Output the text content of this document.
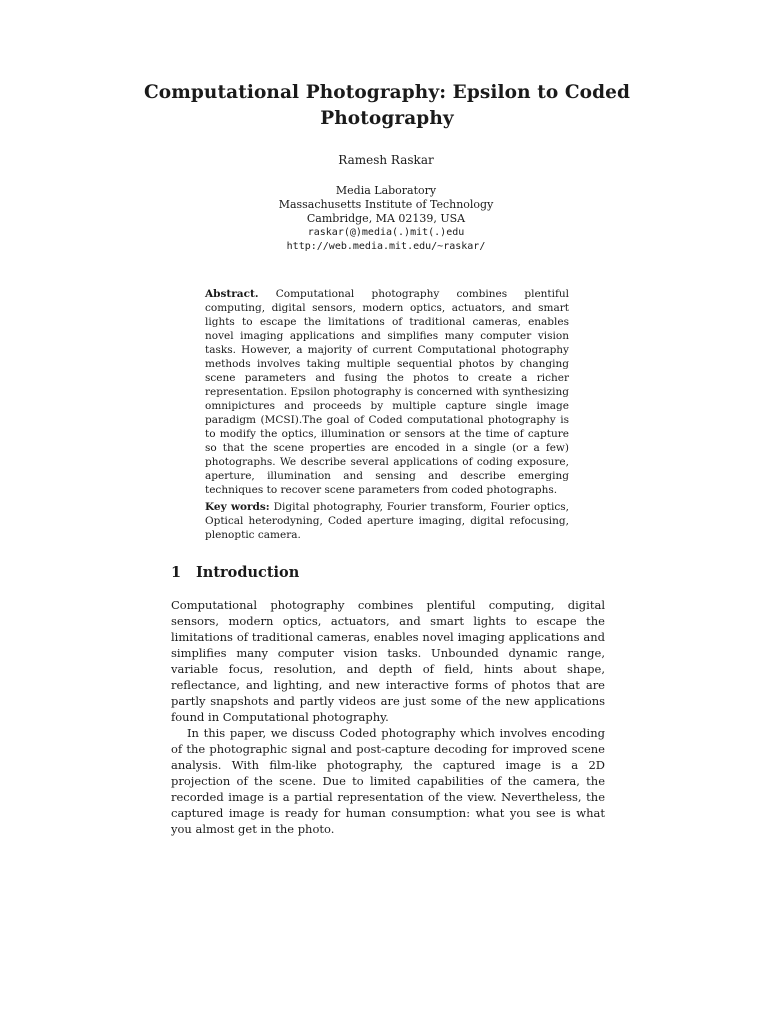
Computational Photography: Epsilon to Coded Photography
Ramesh Raskar
Media Laboratory
Massachusetts Institute of Technology
Cambridge, MA 02139, USA
raskar(@)media(.)mit(.)edu
http://web.media.mit.edu/~raskar/
Abstract. Computational photography combines plentiful computing, digital sensors, modern optics, actuators, and smart lights to escape the limitations of traditional cameras, enables novel imaging applications and simplifies many computer vision tasks. However, a majority of current Computational photography methods involves taking multiple sequential photos by changing scene parameters and fusing the photos to create a richer representation. Epsilon photography is concerned with synthesizing omnipictures and proceeds by multiple capture single image paradigm (MCSI).The goal of Coded computational photography is to modify the optics, illumination or sensors at the time of capture so that the scene properties are encoded in a single (or a few) photographs. We describe several applications of coding exposure, aperture, illumination and sensing and describe emerging techniques to recover scene parameters from coded photographs.
Key words: Digital photography, Fourier transform, Fourier optics, Optical heterodyning, Coded aperture imaging, digital refocusing, plenoptic camera.
1 Introduction

Computational photography combines plentiful computing, digital sensors, modern optics, actuators, and smart lights to escape the limitations of traditional cameras, enables novel imaging applications and simplifies many computer vision tasks. Unbounded dynamic range, variable focus, resolution, and depth of field, hints about shape, reflectance, and lighting, and new interactive forms of photos that are partly snapshots and partly videos are just some of the new applications found in Computational photography.

In this paper, we discuss Coded photography which involves encoding of the photographic signal and post-capture decoding for improved scene analysis. With film-like photography, the captured image is a 2D projection of the scene. Due to limited capabilities of the camera, the recorded image is a partial representation of the view. Nevertheless, the captured image is ready for human consumption: what you see is what you almost get in the photo.
